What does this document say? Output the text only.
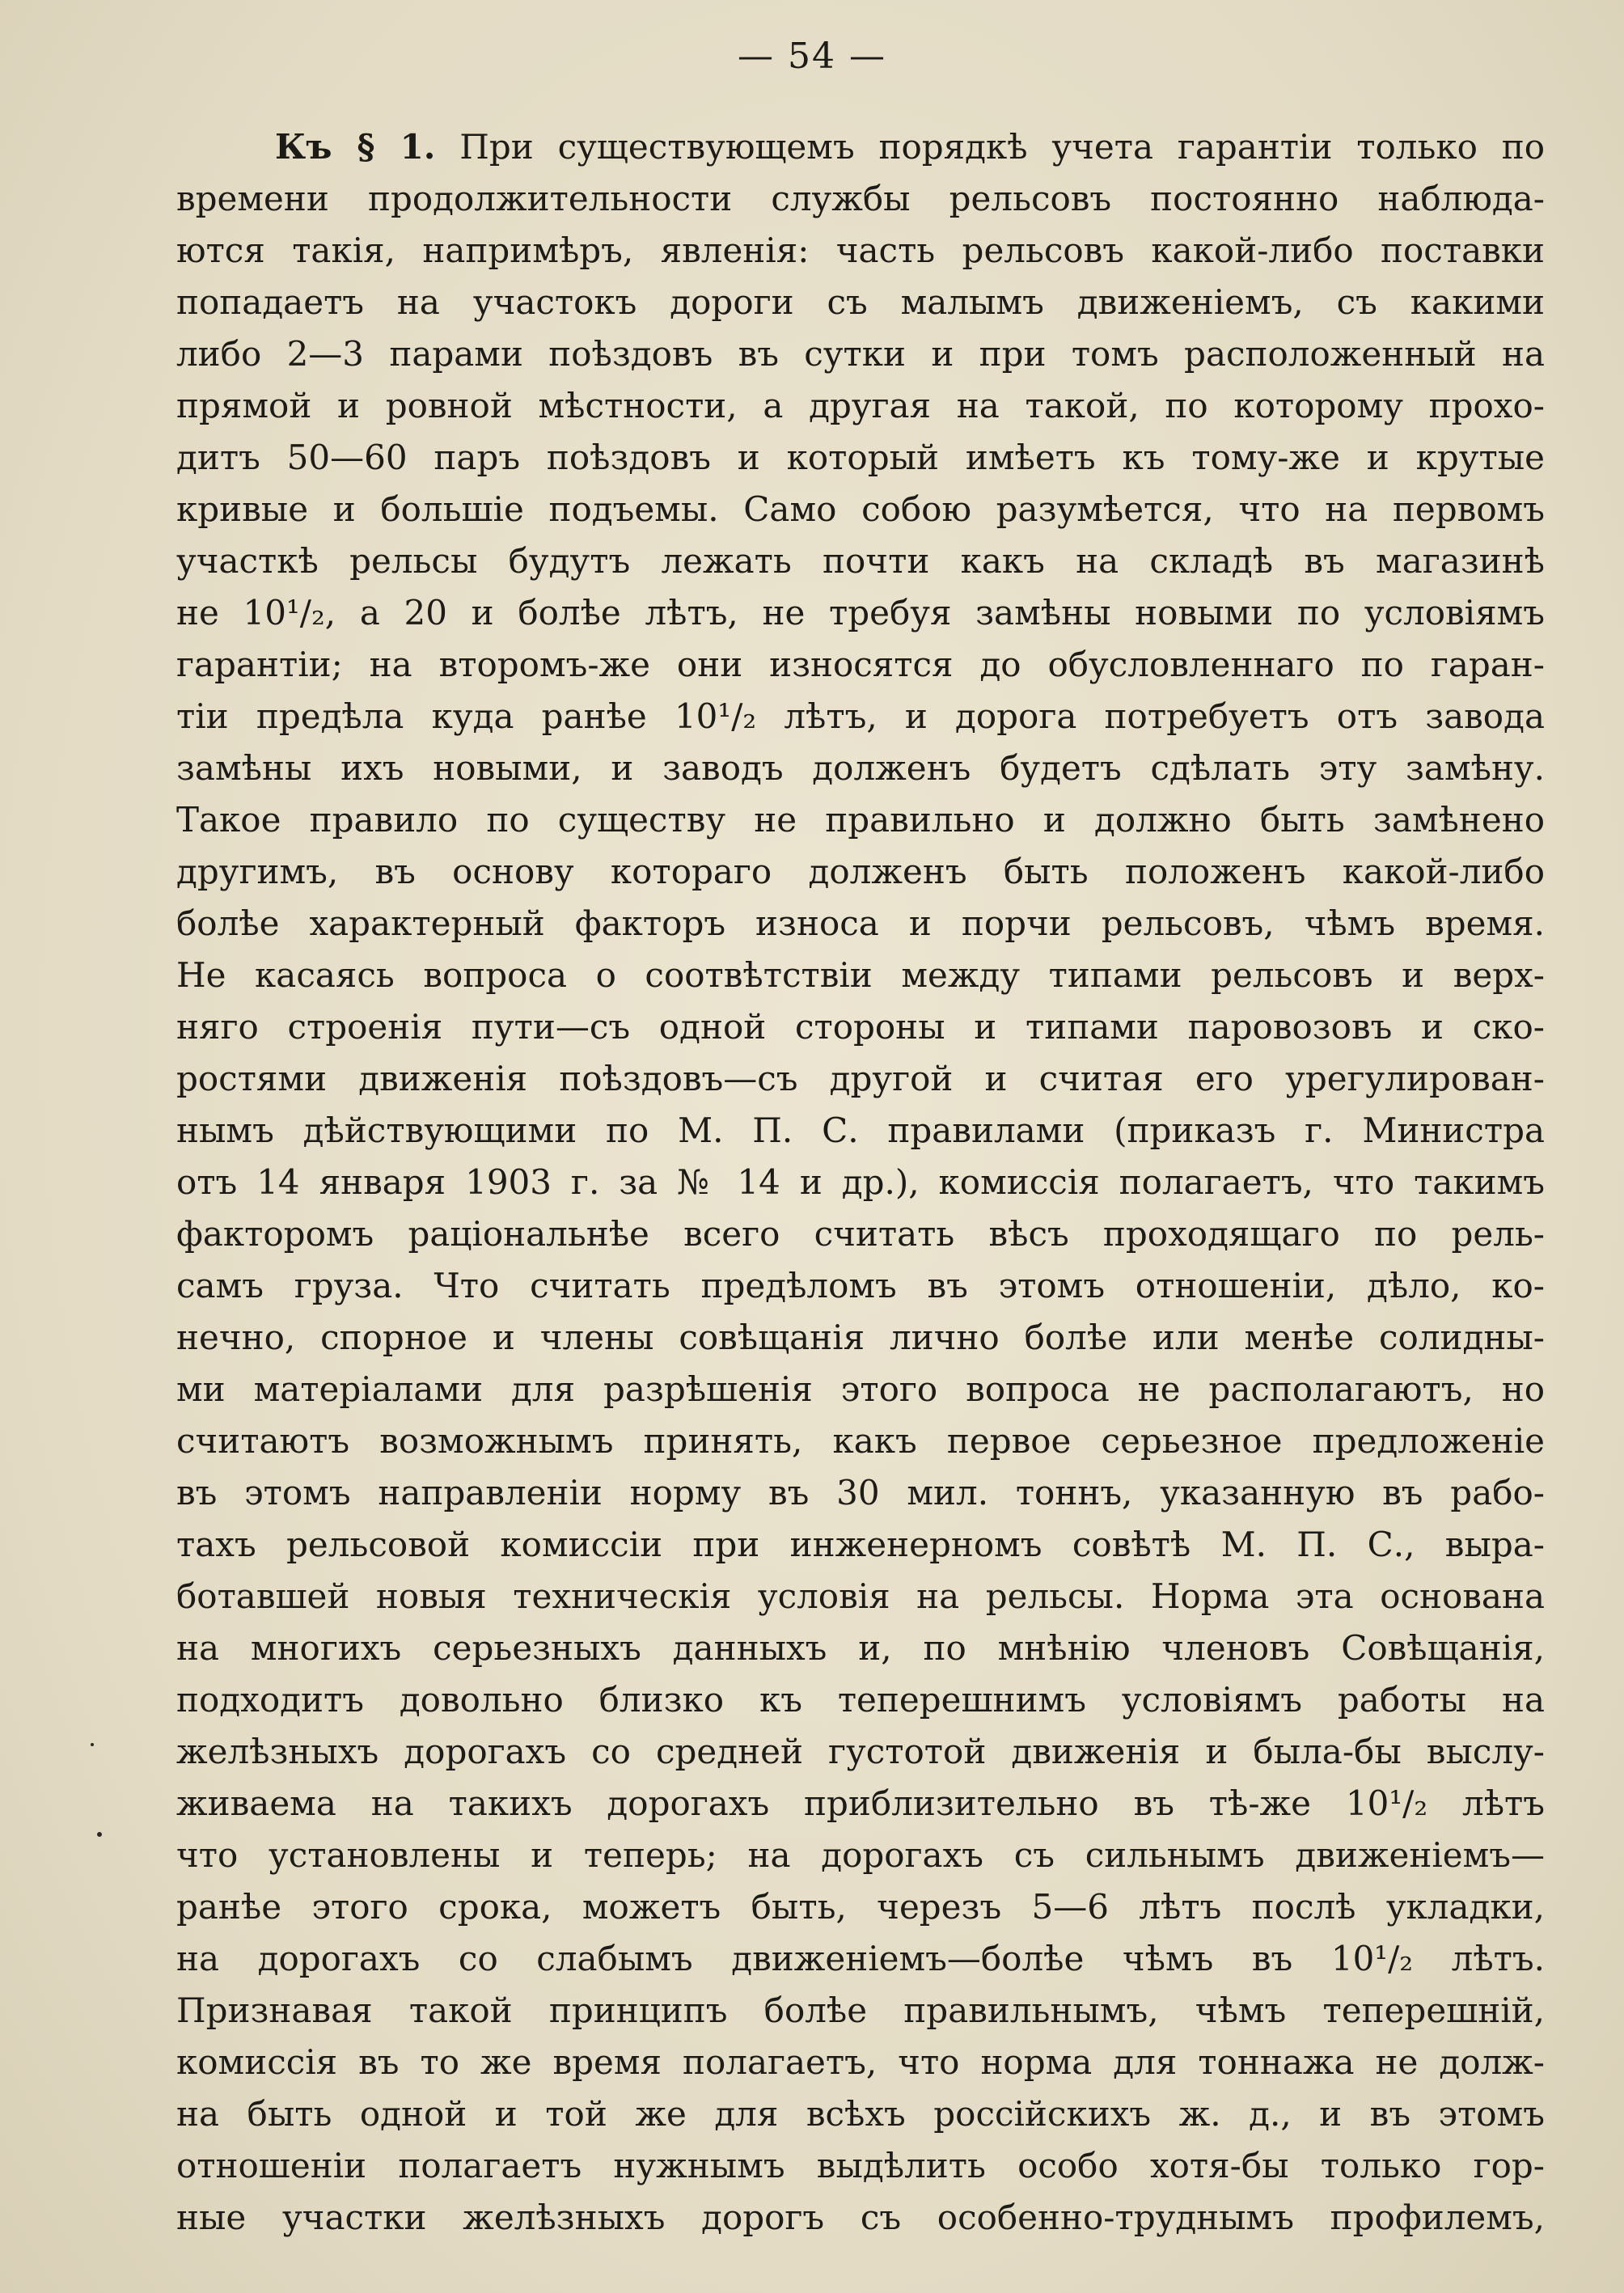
— 54 —
Къ § 1. При существующемъ порядкѣ учета гарантiи только по
времени продолжительности службы рельсовъ постоянно наблюда-
ются такiя, напримѣръ, явленiя: часть рельсовъ какой-либо поставки
попадаетъ на участокъ дороги съ малымъ движенiемъ, съ какими
либо 2—3 парами поѣздовъ въ сутки и при томъ расположенный на
прямой и ровной мѣстности, а другая на такой, по которому прохо-
дитъ 50—60 паръ поѣздовъ и который имѣетъ къ тому-же и крутые
кривые и большiе подъемы. Само собою разумѣется, что на первомъ
участкѣ рельсы будутъ лежать почти какъ на складѣ въ магазинѣ
не 10¹/₂, а 20 и болѣе лѣтъ, не требуя замѣны новыми по условiямъ
гарантiи; на второмъ-же они износятся до обусловленнаго по гаран-
тiи предѣла куда ранѣе 10¹/₂ лѣтъ, и дорога потребуетъ отъ завода
замѣны ихъ новыми, и заводъ долженъ будетъ сдѣлать эту замѣну.
Такое правило по существу не правильно и должно быть замѣнено
другимъ, въ основу котораго долженъ быть положенъ какой-либо
болѣе характерный факторъ износа и порчи рельсовъ, чѣмъ время.
Не касаясь вопроса о соотвѣтствiи между типами рельсовъ и верх-
няго строенiя пути—съ одной стороны и типами паровозовъ и ско-
ростями движенiя поѣздовъ—съ другой и считая его урегулирован-
нымъ дѣйствующими по М. П. С. правилами (приказъ г. Министра
отъ 14 января 1903 г. за № 14 и др.), комиссiя полагаетъ, что такимъ
факторомъ рацiональнѣе всего считать вѣсъ проходящаго по рель-
самъ груза. Что считать предѣломъ въ этомъ отношенiи, дѣло, ко-
нечно, спорное и члены совѣщанiя лично болѣе или менѣе солидны-
ми матерiалами для разрѣшенiя этого вопроса не располагаютъ, но
считаютъ возможнымъ принять, какъ первое серьезное предложенiе
въ этомъ направленiи норму въ 30 мил. тоннъ, указанную въ рабо-
тахъ рельсовой комиссiи при инженерномъ совѣтѣ М. П. С., выра-
ботавшей новыя техническiя условiя на рельсы. Норма эта основана
на многихъ серьезныхъ данныхъ и, по мнѣнiю членовъ Совѣщанiя,
подходитъ довольно близко къ теперешнимъ условiямъ работы на
желѣзныхъ дорогахъ со средней густотой движенiя и была-бы выслу-
живаема на такихъ дорогахъ приблизительно въ тѣ-же 10¹/₂ лѣтъ
что установлены и теперь; на дорогахъ съ сильнымъ движенiемъ—
ранѣе этого срока, можетъ быть, черезъ 5—6 лѣтъ послѣ укладки,
на дорогахъ со слабымъ движенiемъ—болѣе чѣмъ въ 10¹/₂ лѣтъ.
Признавая такой принципъ болѣе правильнымъ, чѣмъ теперешнiй,
комиссiя въ то же время полагаетъ, что норма для тоннажа не долж-
на быть одной и той же для всѣхъ россiйскихъ ж. д., и въ этомъ
отношенiи полагаетъ нужнымъ выдѣлить особо хотя-бы только гор-
ные участки желѣзныхъ дорогъ съ особенно-труднымъ профилемъ,
